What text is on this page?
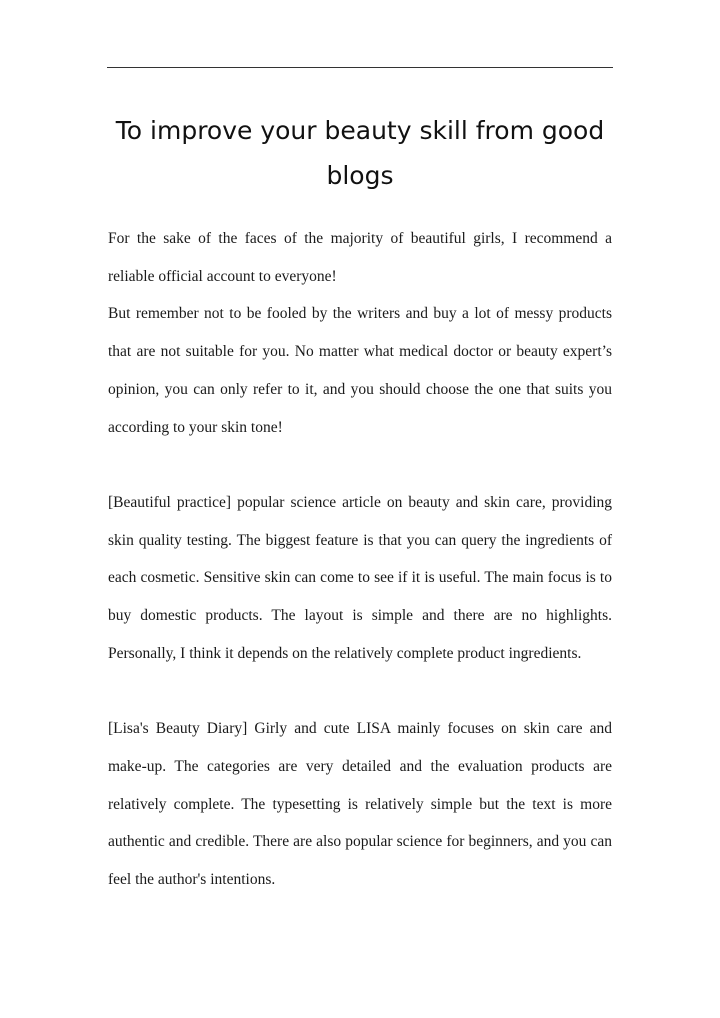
To improve your beauty skill from good blogs

For the sake of the faces of the majority of beautiful girls, I recommend a reliable official account to everyone!

But remember not to be fooled by the writers and buy a lot of messy products that are not suitable for you. No matter what medical doctor or beauty expert’s opinion, you can only refer to it, and you should choose the one that suits you according to your skin tone!

[Beautiful practice] popular science article on beauty and skin care, providing skin quality testing. The biggest feature is that you can query the ingredients of each cosmetic. Sensitive skin can come to see if it is useful. The main focus is to buy domestic products. The layout is simple and there are no highlights. Personally, I think it depends on the relatively complete product ingredients.

[Lisa's Beauty Diary] Girly and cute LISA mainly focuses on skin care and make-up. The categories are very detailed and the evaluation products are relatively complete. The typesetting is relatively simple but the text is more authentic and credible. There are also popular science for beginners, and you can feel the author's intentions.
